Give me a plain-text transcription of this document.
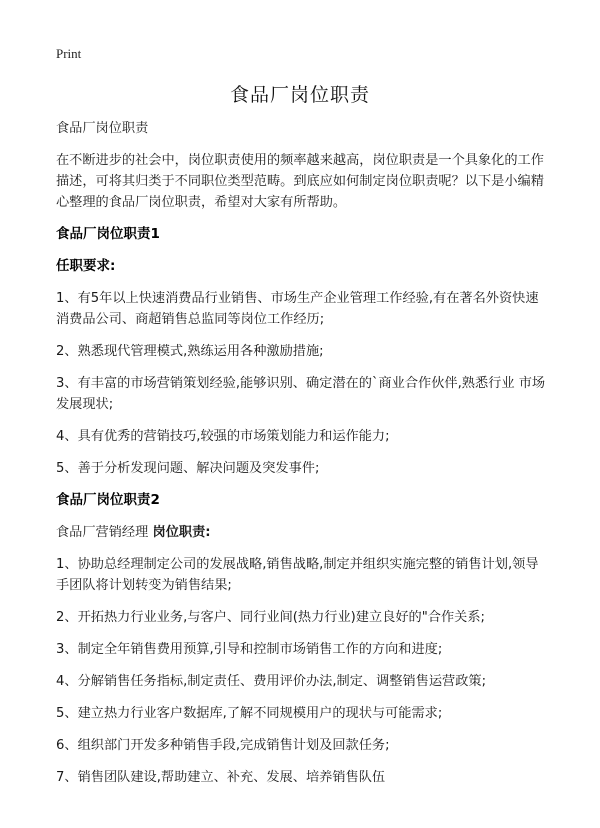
Print
食品厂岗位职责
食品厂岗位职责
在不断进步的社会中，岗位职责使用的频率越来越高，岗位职责是一个具象化的工作描述，可将其归类于不同职位类型范畴。到底应如何制定岗位职责呢？以下是小编精心整理的食品厂岗位职责，希望对大家有所帮助。
食品厂岗位职责1
任职要求:
1、有5年以上快速消费品行业销售、市场生产企业管理工作经验,有在著名外资快速消费品公司、商超销售总监同等岗位工作经历;
2、熟悉现代管理模式,熟练运用各种激励措施;
3、有丰富的市场营销策划经验,能够识别、确定潜在的`商业合作伙伴,熟悉行业 市场发展现状;
4、具有优秀的营销技巧,较强的市场策划能力和运作能力;
5、善于分析发现问题、解决问题及突发事件;
食品厂岗位职责2
食品厂营销经理 岗位职责:
1、协助总经理制定公司的发展战略,销售战略,制定并组织实施完整的销售计划,领导手团队将计划转变为销售结果;
2、开拓热力行业业务,与客户、同行业间(热力行业)建立良好的"合作关系;
3、制定全年销售费用预算,引导和控制市场销售工作的方向和进度;
4、分解销售任务指标,制定责任、费用评价办法,制定、调整销售运营政策;
5、建立热力行业客户数据库,了解不同规模用户的现状与可能需求;
6、组织部门开发多种销售手段,完成销售计划及回款任务;
7、销售团队建设,帮助建立、补充、发展、培养销售队伍
